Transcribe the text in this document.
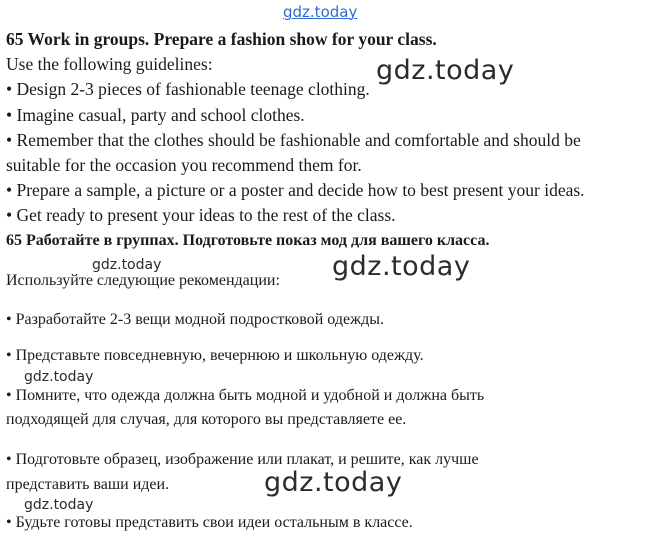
gdz.today
gdz.today
gdz.today	gdz.today
gdz.today
gdz.today
gdz.today
65 Work in groups. Prepare a fashion show for your class.
Use the following guidelines:
• Design 2-3 pieces of fashionable teenage clothing.
• Imagine casual, party and school clothes.
• Remember that the clothes should be fashionable and comfortable and should be
suitable for the occasion you recommend them for.
• Prepare a sample, a picture or a poster and decide how to best present your ideas.
• Get ready to present your ideas to the rest of the class.
65 Работайте в группах. Подготовьте показ мод для вашего класса.
Используйте следующие рекомендации:
• Разработайте 2-3 вещи модной подростковой одежды.
• Представьте повседневную, вечернюю и школьную одежду.
• Помните, что одежда должна быть модной и удобной и должна быть
подходящей для случая, для которого вы представляете ее.
• Подготовьте образец, изображение или плакат, и решите, как лучше
представить ваши идеи.
• Будьте готовы представить свои идеи остальным в классе.
